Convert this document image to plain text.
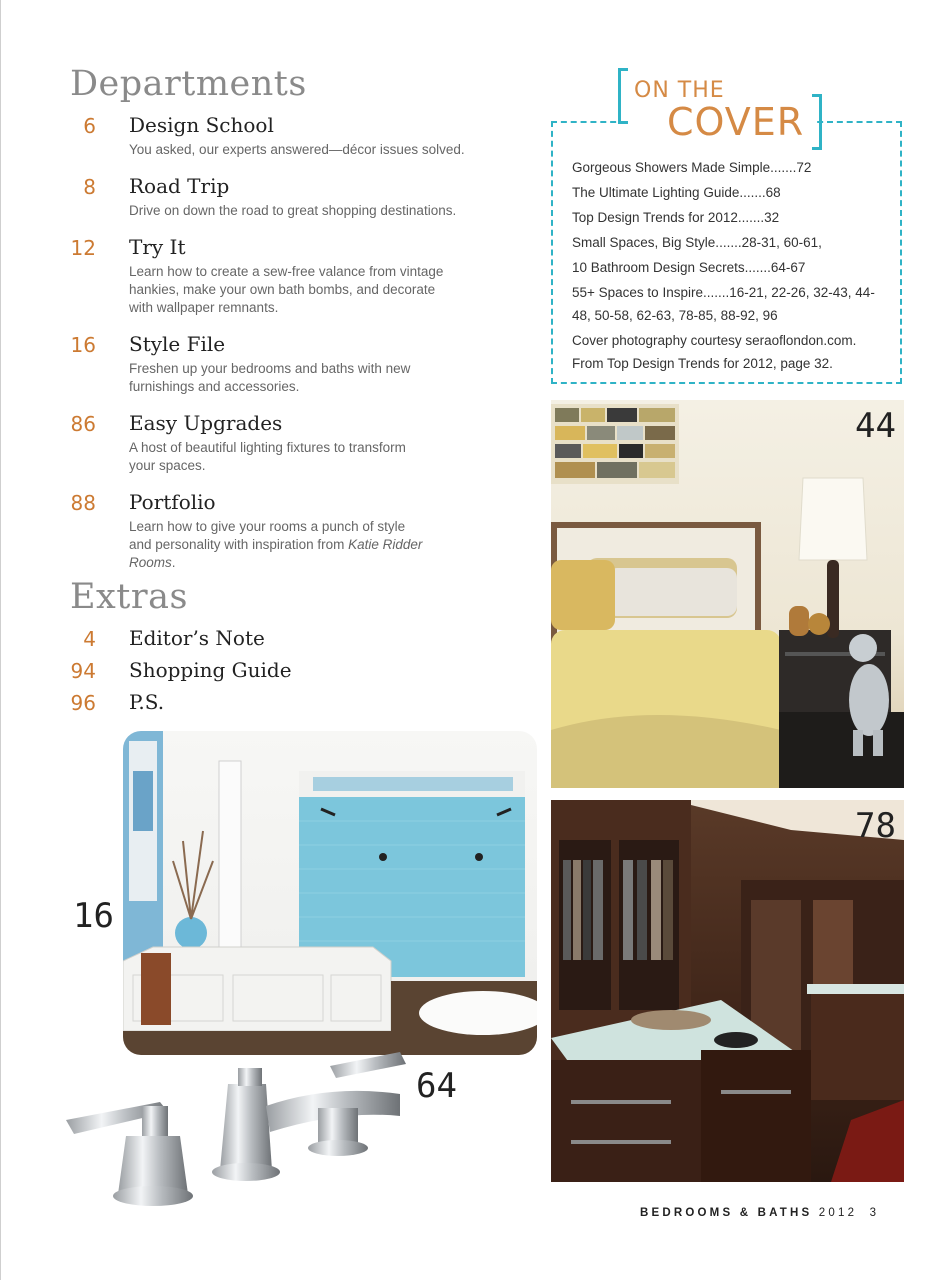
Departments
6 Design School
You asked, our experts answered—décor issues solved.
8 Road Trip
Drive on down the road to great shopping destinations.
12 Try It
Learn how to create a sew-free valance from vintage hankies, make your own bath bombs, and decorate with wallpaper remnants.
16 Style File
Freshen up your bedrooms and baths with new furnishings and accessories.
86 Easy Upgrades
A host of beautiful lighting fixtures to transform your spaces.
88 Portfolio
Learn how to give your rooms a punch of style and personality with inspiration from Katie Ridder Rooms.
Extras
4 Editor’s Note
94 Shopping Guide
96 P.S.
ON THE
COVER
Gorgeous Showers Made Simple.......72
The Ultimate Lighting Guide.......68
Top Design Trends for 2012.......32
Small Spaces, Big Style.......28-31, 60-61,
10 Bathroom Design Secrets.......64-67
55+ Spaces to Inspire.......16-21, 22-26, 32-43, 44-48, 50-58, 62-63, 78-85, 88-92, 96
Cover photography courtesy seraoflondon.com. From Top Design Trends for 2012, page 32.
44
78
16
64
BEDROOMS & BATHS 2012 3
